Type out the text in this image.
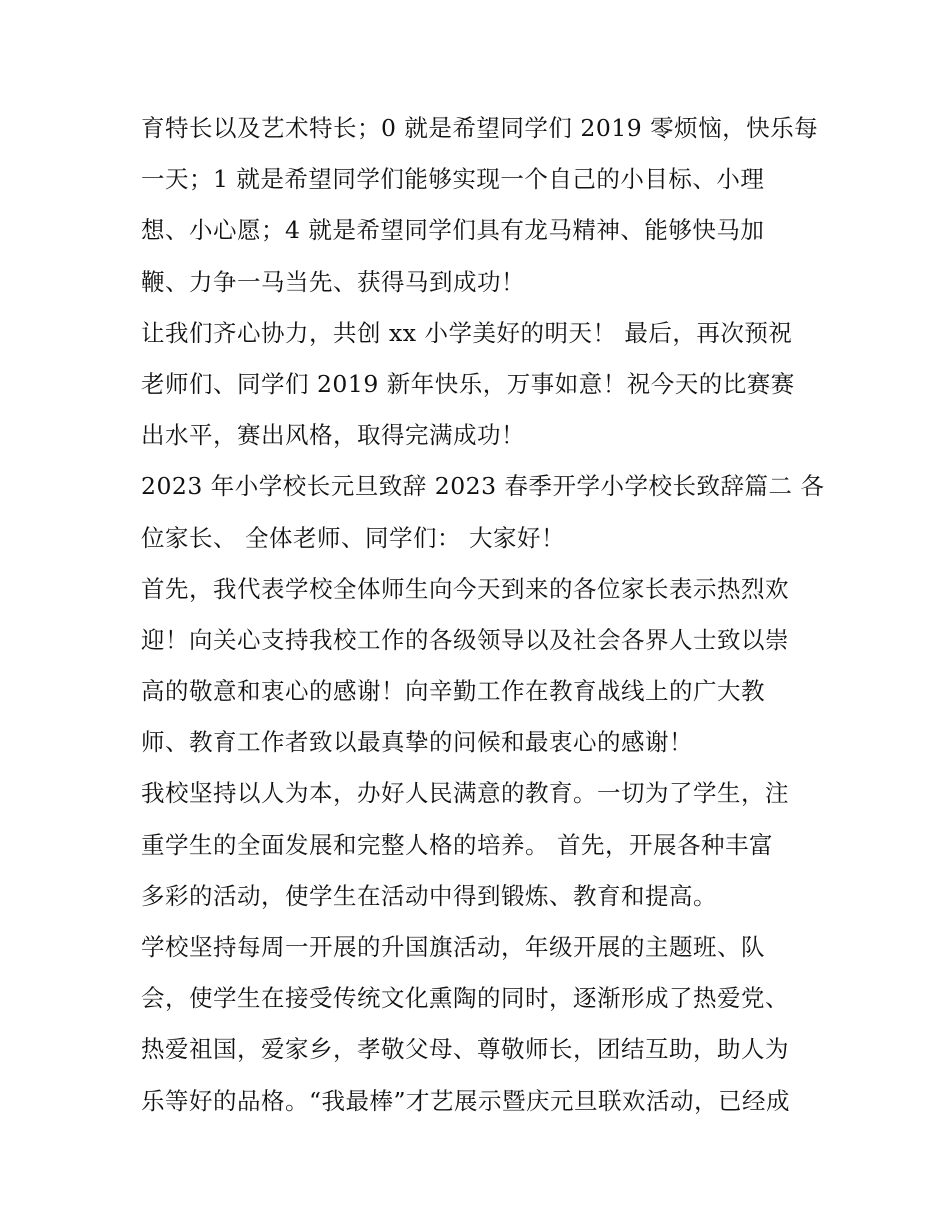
育特长以及艺术特长；0 就是希望同学们 2019 零烦恼，快乐每
一天；1 就是希望同学们能够实现一个自己的小目标、小理
想、小心愿；4 就是希望同学们具有龙马精神、能够快马加
鞭、力争一马当先、获得马到成功！
让我们齐心协力，共创 xx 小学美好的明天！ 最后，再次预祝
老师们、同学们 2019 新年快乐，万事如意！祝今天的比赛赛
出水平，赛出风格，取得完满成功！
2023 年小学校长元旦致辞 2023 春季开学小学校长致辞篇二 各
位家长、 全体老师、同学们： 大家好！
首先，我代表学校全体师生向今天到来的各位家长表示热烈欢
迎！向关心支持我校工作的各级领导以及社会各界人士致以崇
高的敬意和衷心的感谢！向辛勤工作在教育战线上的广大教
师、教育工作者致以最真挚的问候和最衷心的感谢！
我校坚持以人为本，办好人民满意的教育。一切为了学生，注
重学生的全面发展和完整人格的培养。 首先，开展各种丰富
多彩的活动，使学生在活动中得到锻炼、教育和提高。
学校坚持每周一开展的升国旗活动，年级开展的主题班、队
会，使学生在接受传统文化熏陶的同时，逐渐形成了热爱党、
热爱祖国，爱家乡，孝敬父母、尊敬师长，团结互助，助人为
乐等好的品格。“我最棒”才艺展示暨庆元旦联欢活动，已经成
